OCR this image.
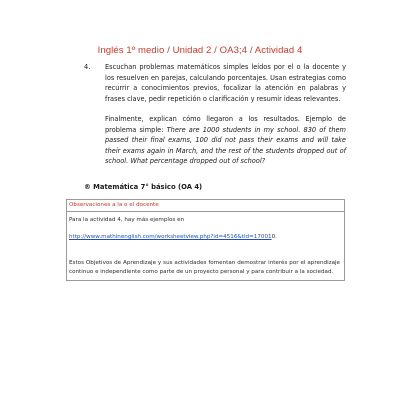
Inglés 1º medio / Unidad 2 / OA3;4 / Actividad 4
4.	Escuchan problemas matemáticos simples leídos por el o la docente y los resuelven en parejas, calculando porcentajes. Usan estrategias como recurrir a conocimientos previos, focalizar la atención en palabras y frases clave, pedir repetición o clarificación y resumir ideas relevantes.
Finalmente, explican cómo llegaron a los resultados. Ejemplo de problema simple: There are 1000 students in my school. 830 of them passed their final exams, 100 did not pass their exams and will take their exams again in March, and the rest of the students dropped out of school. What percentage dropped out of school?
® Matemática 7° básico (OA 4)
Observaciones a la o el docente
Para la actividad 4, hay más ejemplos en
http://www.mathinenglish.com/worksheetview.php?id=4516&tid=170010.
Estos Objetivos de Aprendizaje y sus actividades fomentan demostrar interés por el aprendizaje continuo e independiente como parte de un proyecto personal y para contribuir a la sociedad.
